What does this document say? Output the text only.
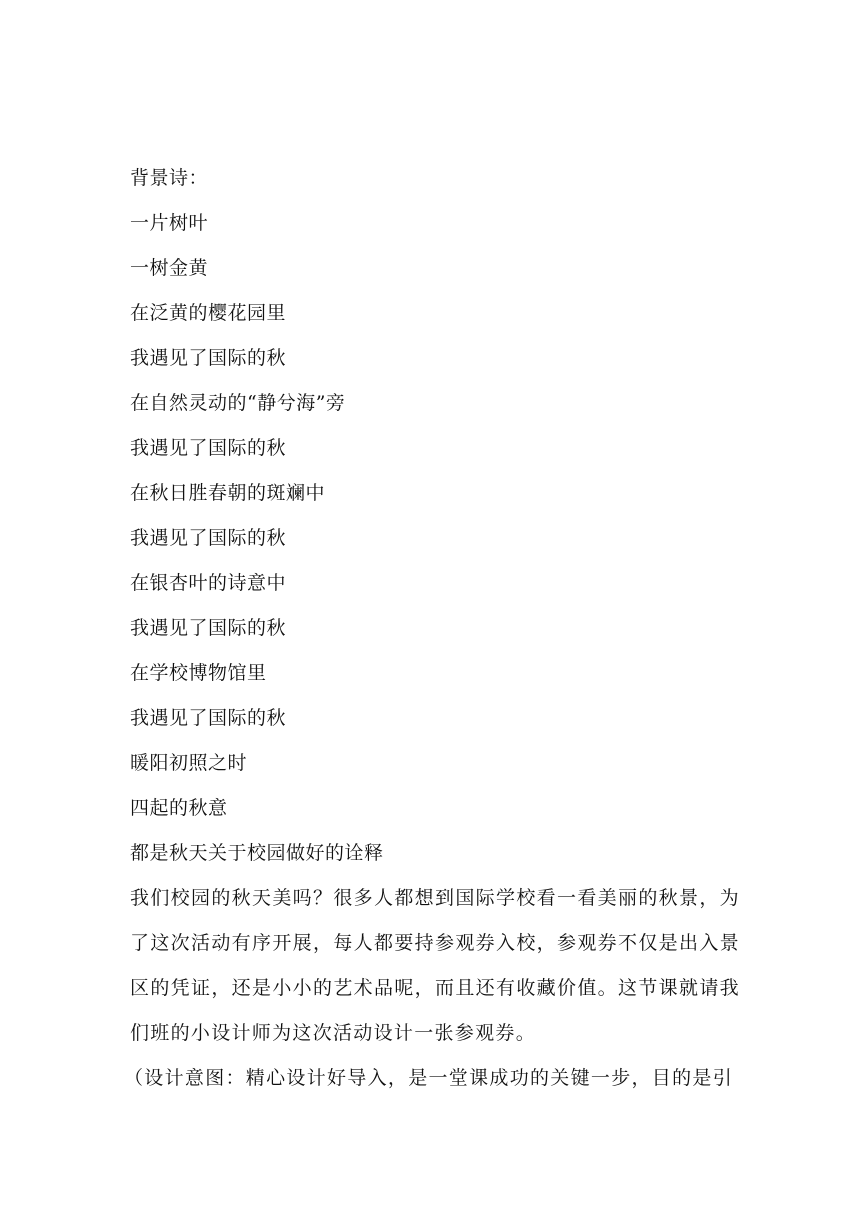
背景诗：
一片树叶
一树金黄
在泛黄的樱花园里
我遇见了国际的秋
在自然灵动的“静兮海”旁
我遇见了国际的秋
在秋日胜春朝的斑斓中
我遇见了国际的秋
在银杏叶的诗意中
我遇见了国际的秋
在学校博物馆里
我遇见了国际的秋
暖阳初照之时
四起的秋意
都是秋天关于校园做好的诠释

我们校园的秋天美吗？很多人都想到国际学校看一看美丽的秋景，为了这次活动有序开展，每人都要持参观券入校，参观券不仅是出入景区的凭证，还是小小的艺术品呢，而且还有收藏价值。这节课就请我们班的小设计师为这次活动设计一张参观券。

（设计意图：精心设计好导入，是一堂课成功的关键一步，目的是引
